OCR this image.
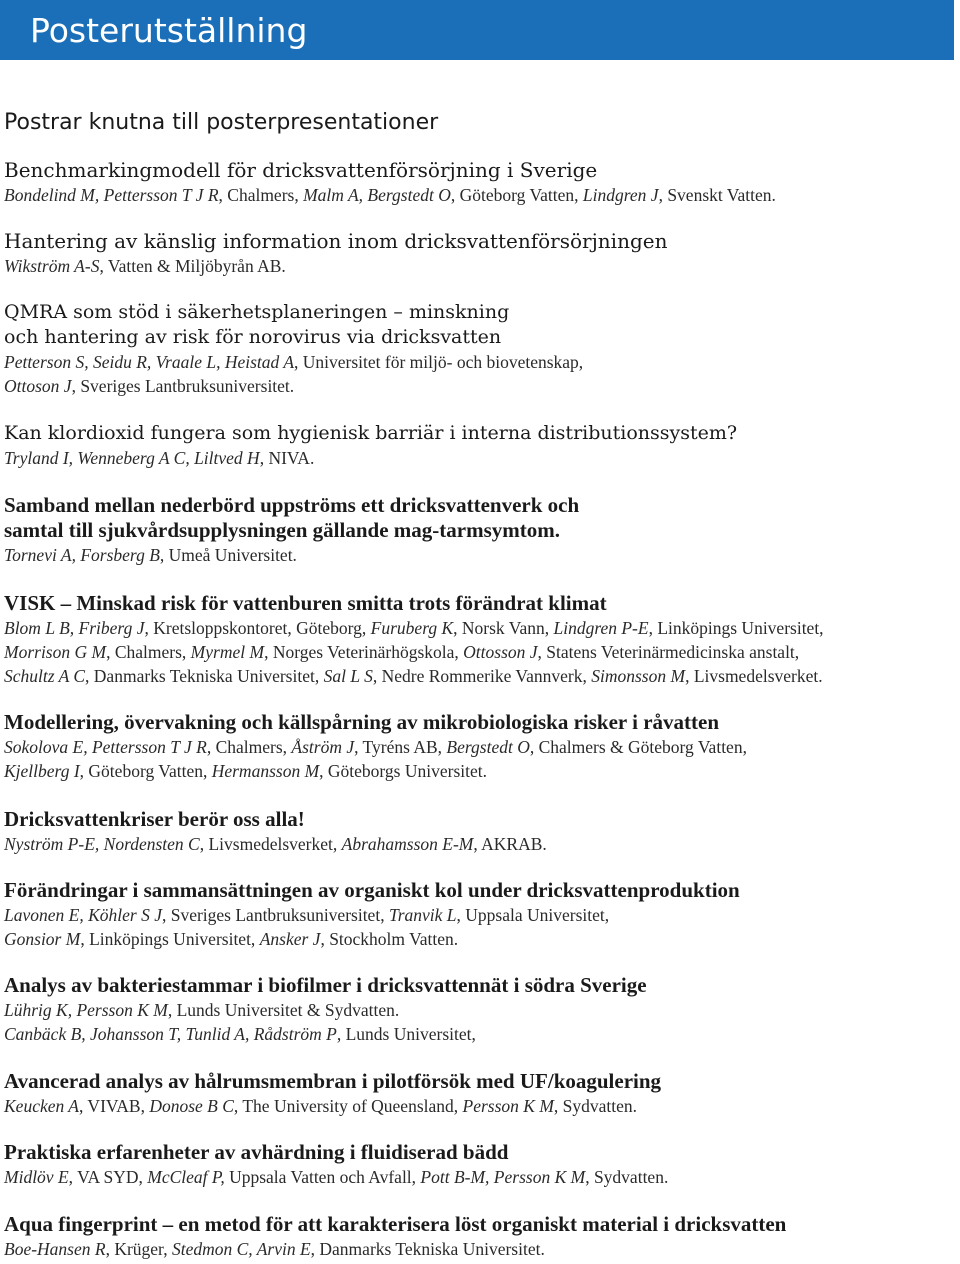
Posterutställning
Postrar knutna till posterpresentationer
Benchmarkingmodell för dricksvattenförsörjning i Sverige
Bondelind M, Pettersson T J R, Chalmers, Malm A, Bergstedt O, Göteborg Vatten, Lindgren J, Svenskt Vatten.
Hantering av känslig information inom dricksvattenförsörjningen
Wikström A-S, Vatten & Miljöbyrån AB.
QMRA som stöd i säkerhetsplaneringen – minskning
och hantering av risk för norovirus via dricksvatten
Petterson S, Seidu R, Vraale L, Heistad A, Universitet för miljö- och biovetenskap,
Ottoson J, Sveriges Lantbruksuniversitet.
Kan klordioxid fungera som hygienisk barriär i interna distributionssystem?
Tryland I, Wenneberg A C, Liltved H, NIVA.
Samband mellan nederbörd uppströms ett dricksvattenverk och
samtal till sjukvårdsupplysningen gällande mag-tarmsymtom.
Tornevi A, Forsberg B, Umeå Universitet.
VISK – Minskad risk för vattenburen smitta trots förändrat klimat
Blom L B, Friberg J, Kretsloppskontoret, Göteborg, Furuberg K, Norsk Vann, Lindgren P-E, Linköpings Universitet,
Morrison G M, Chalmers, Myrmel M, Norges Veterinärhögskola, Ottosson J, Statens Veterinärmedicinska anstalt,
Schultz A C, Danmarks Tekniska Universitet, Sal L S, Nedre Rommerike Vannverk, Simonsson M, Livsmedelsverket.
Modellering, övervakning och källspårning av mikrobiologiska risker i råvatten
Sokolova E, Pettersson T J R, Chalmers, Åström J, Tyréns AB, Bergstedt O, Chalmers & Göteborg Vatten,
Kjellberg I, Göteborg Vatten, Hermansson M, Göteborgs Universitet.
Dricksvattenkriser berör oss alla!
Nyström P-E, Nordensten C, Livsmedelsverket, Abrahamsson E-M, AKRAB.
Förändringar i sammansättningen av organiskt kol under dricksvattenproduktion
Lavonen E, Köhler S J, Sveriges Lantbruksuniversitet, Tranvik L, Uppsala Universitet,
Gonsior M, Linköpings Universitet, Ansker J, Stockholm Vatten.
Analys av bakteriestammar i biofilmer i dricksvattennät i södra Sverige
Lührig K, Persson K M, Lunds Universitet & Sydvatten.
Canbäck B, Johansson T, Tunlid A, Rådström P, Lunds Universitet,
Avancerad analys av hålrumsmembran i pilotförsök med UF/koagulering
Keucken A, VIVAB, Donose B C, The University of Queensland, Persson K M, Sydvatten.
Praktiska erfarenheter av avhärdning i fluidiserad bädd
Midlöv E, VA SYD, McCleaf P, Uppsala Vatten och Avfall, Pott B-M, Persson K M, Sydvatten.
Aqua fingerprint – en metod för att karakterisera löst organiskt material i dricksvatten
Boe-Hansen R, Krüger, Stedmon C, Arvin E, Danmarks Tekniska Universitet.
